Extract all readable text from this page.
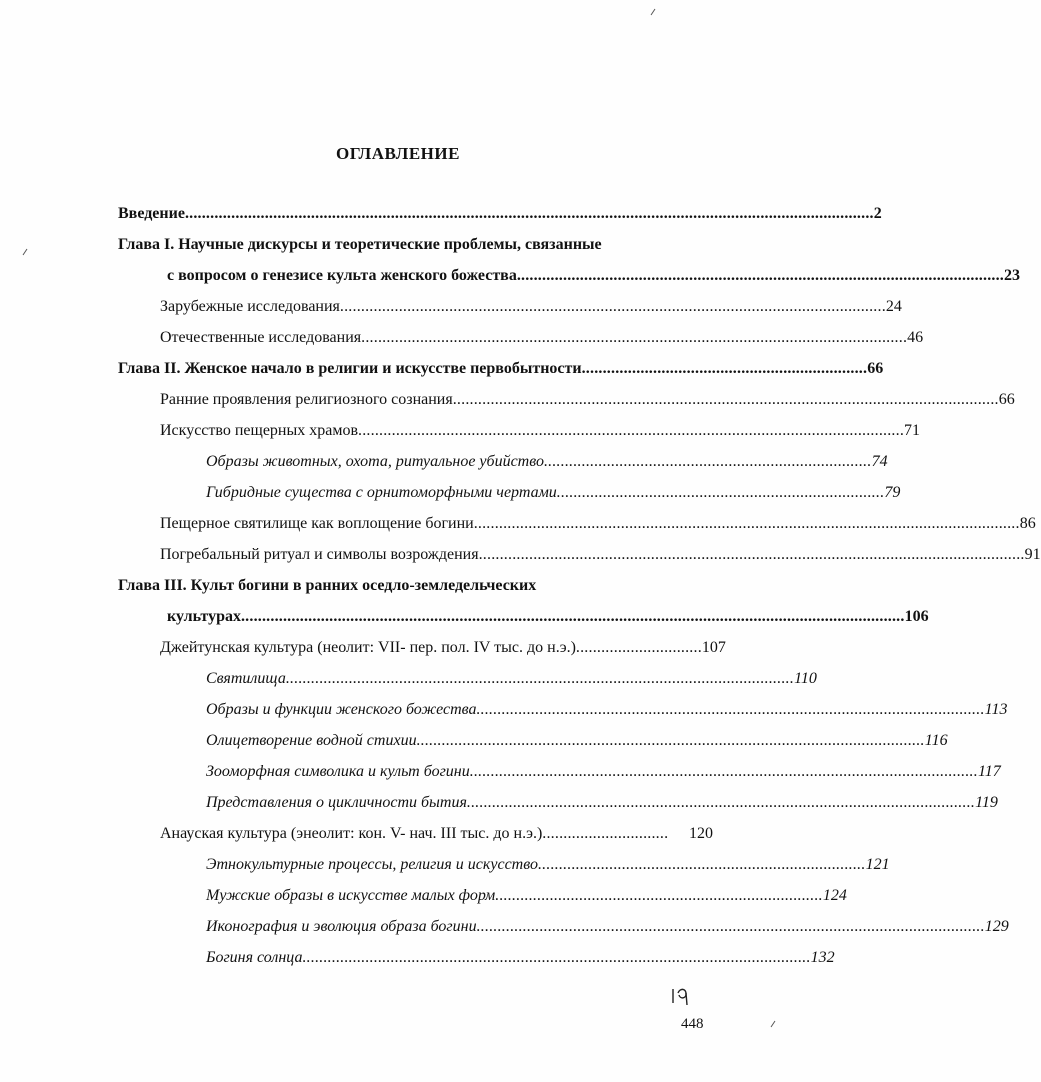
ОГЛАВЛЕНИЕ
Введение .................................................................................................................................................................... 2
Глава I. Научные дискурсы и теоретические проблемы, связанные
с вопросом о генезисе культа женского божества .................................................................................................................... 23
Зарубежные исследования .................................................................................................................................. 24
Отечественные исследования .................................................................................................................................. 46
Глава II. Женское начало в религии и искусстве первобытности .................................................................... 66
Ранние проявления религиозного сознания .................................................................................................................................. 66
Искусство пещерных храмов .................................................................................................................................. 71
Образы животных, охота, ритуальное убийство .............................................................................. 74
Гибридные существа с орнитоморфными чертами .............................................................................. 79
Пещерное святилище как воплощение богини .................................................................................................................................. 86
Погребальный ритуал и символы возрождения .................................................................................................................................. 91
Глава III. Культ богини в ранних оседло-земледельческих
культурах .............................................................................................................................................................. 106
Джейтунская культура (неолит: VII- пер. пол. IV тыс. до н.э.) .............................. 107
Святилища ......................................................................................................................... 110
Образы и функции женского божества ......................................................................................................................... 113
Олицетворение водной стихии ......................................................................................................................... 116
Зооморфная символика и культ богини ......................................................................................................................... 117
Представления о цикличности бытия ......................................................................................................................... 119
Анауская культура (энеолит: кон. V- нач. III тыс. до н.э.) ..............................	120
Этнокультурные процессы, религия и искусство .............................................................................. 121
Мужские образы в искусстве малых форм .............................................................................. 124
Иконография и эволюция образа богини ......................................................................................................................... 129
Богиня солнца ......................................................................................................................... 132
448
